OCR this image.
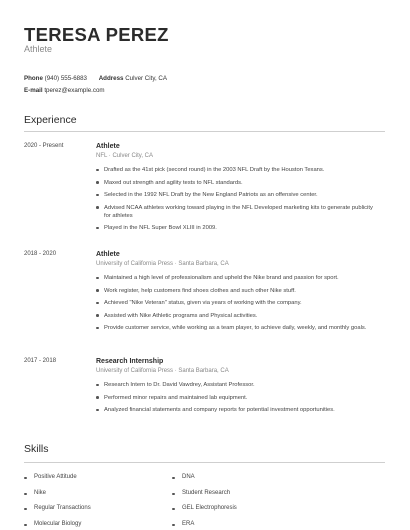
TERESA PEREZ
Athlete
Phone (940) 555-6883 Address Culver City, CA
E-mail tperez@example.com
Experience
2020 - Present	Athlete
NFL · Culver City, CA
Drafted as the 41st pick (second round) in the 2003 NFL Draft by the Houston Texans.
Maxed out strength and agility tests to NFL standards.
Selected in the 1992 NFL Draft by the New England Patriots as an offensive center.
Advised NCAA athletes working toward playing in the NFL Developed marketing kits to generate publicity for athletes
Played in the NFL Super Bowl XLIII in 2009.
2018 - 2020	Athlete
University of California Press · Santa Barbara, CA
Maintained a high level of professionalism and upheld the Nike brand and passion for sport.
Work register, help customers find shoes clothes and such other Nike stuff.
Achieved "Nike Veteran" status, given via years of working with the company.
Assisted with Nike Athletic programs and Physical activities.
Provide customer service, while working as a team player, to achieve daily, weekly, and monthly goals.
2017 - 2018	Research Internship
University of California Press · Santa Barbara, CA
Research Intern to Dr. David Vawdrey, Assistant Professor.
Performed minor repairs and maintained lab equipment.
Analyzed financial statements and company reports for potential investment opportunities.
Skills
Positive Attitude	DNA
Nike	Student Research
Regular Transactions	GEL Electrophoresis
Molecular Biology	ERA
